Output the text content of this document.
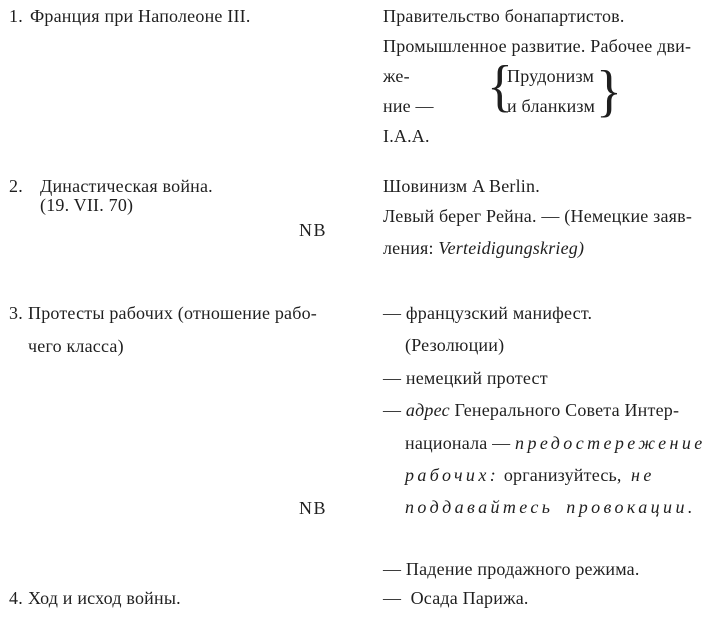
1. Франция при Наполеоне III.	Правительство бонапартистов.
Промышленное развитие. Рабочее дви-
же-
ние — {
Прудонизм
и бланкизм }
I.A.A.
2. Династическая война.
(19. VII. 70)
NB
Шовинизм A Berlin.
Левый берег Рейна. — (Немецкие заяв-
ления: Verteidigungskrieg)
3. Протесты рабочих (отношение рабо-
чего класса)
NB
— французский манифест.
(Резолюции)
— немецкий протест
— адрес Генерального Совета Интер-
национала — предостережение
рабочих: организуйтесь,  не
поддавайтесь провокации.
— Падение продажного режима.
4. Ход и исход войны.	—  Осада Парижа.
